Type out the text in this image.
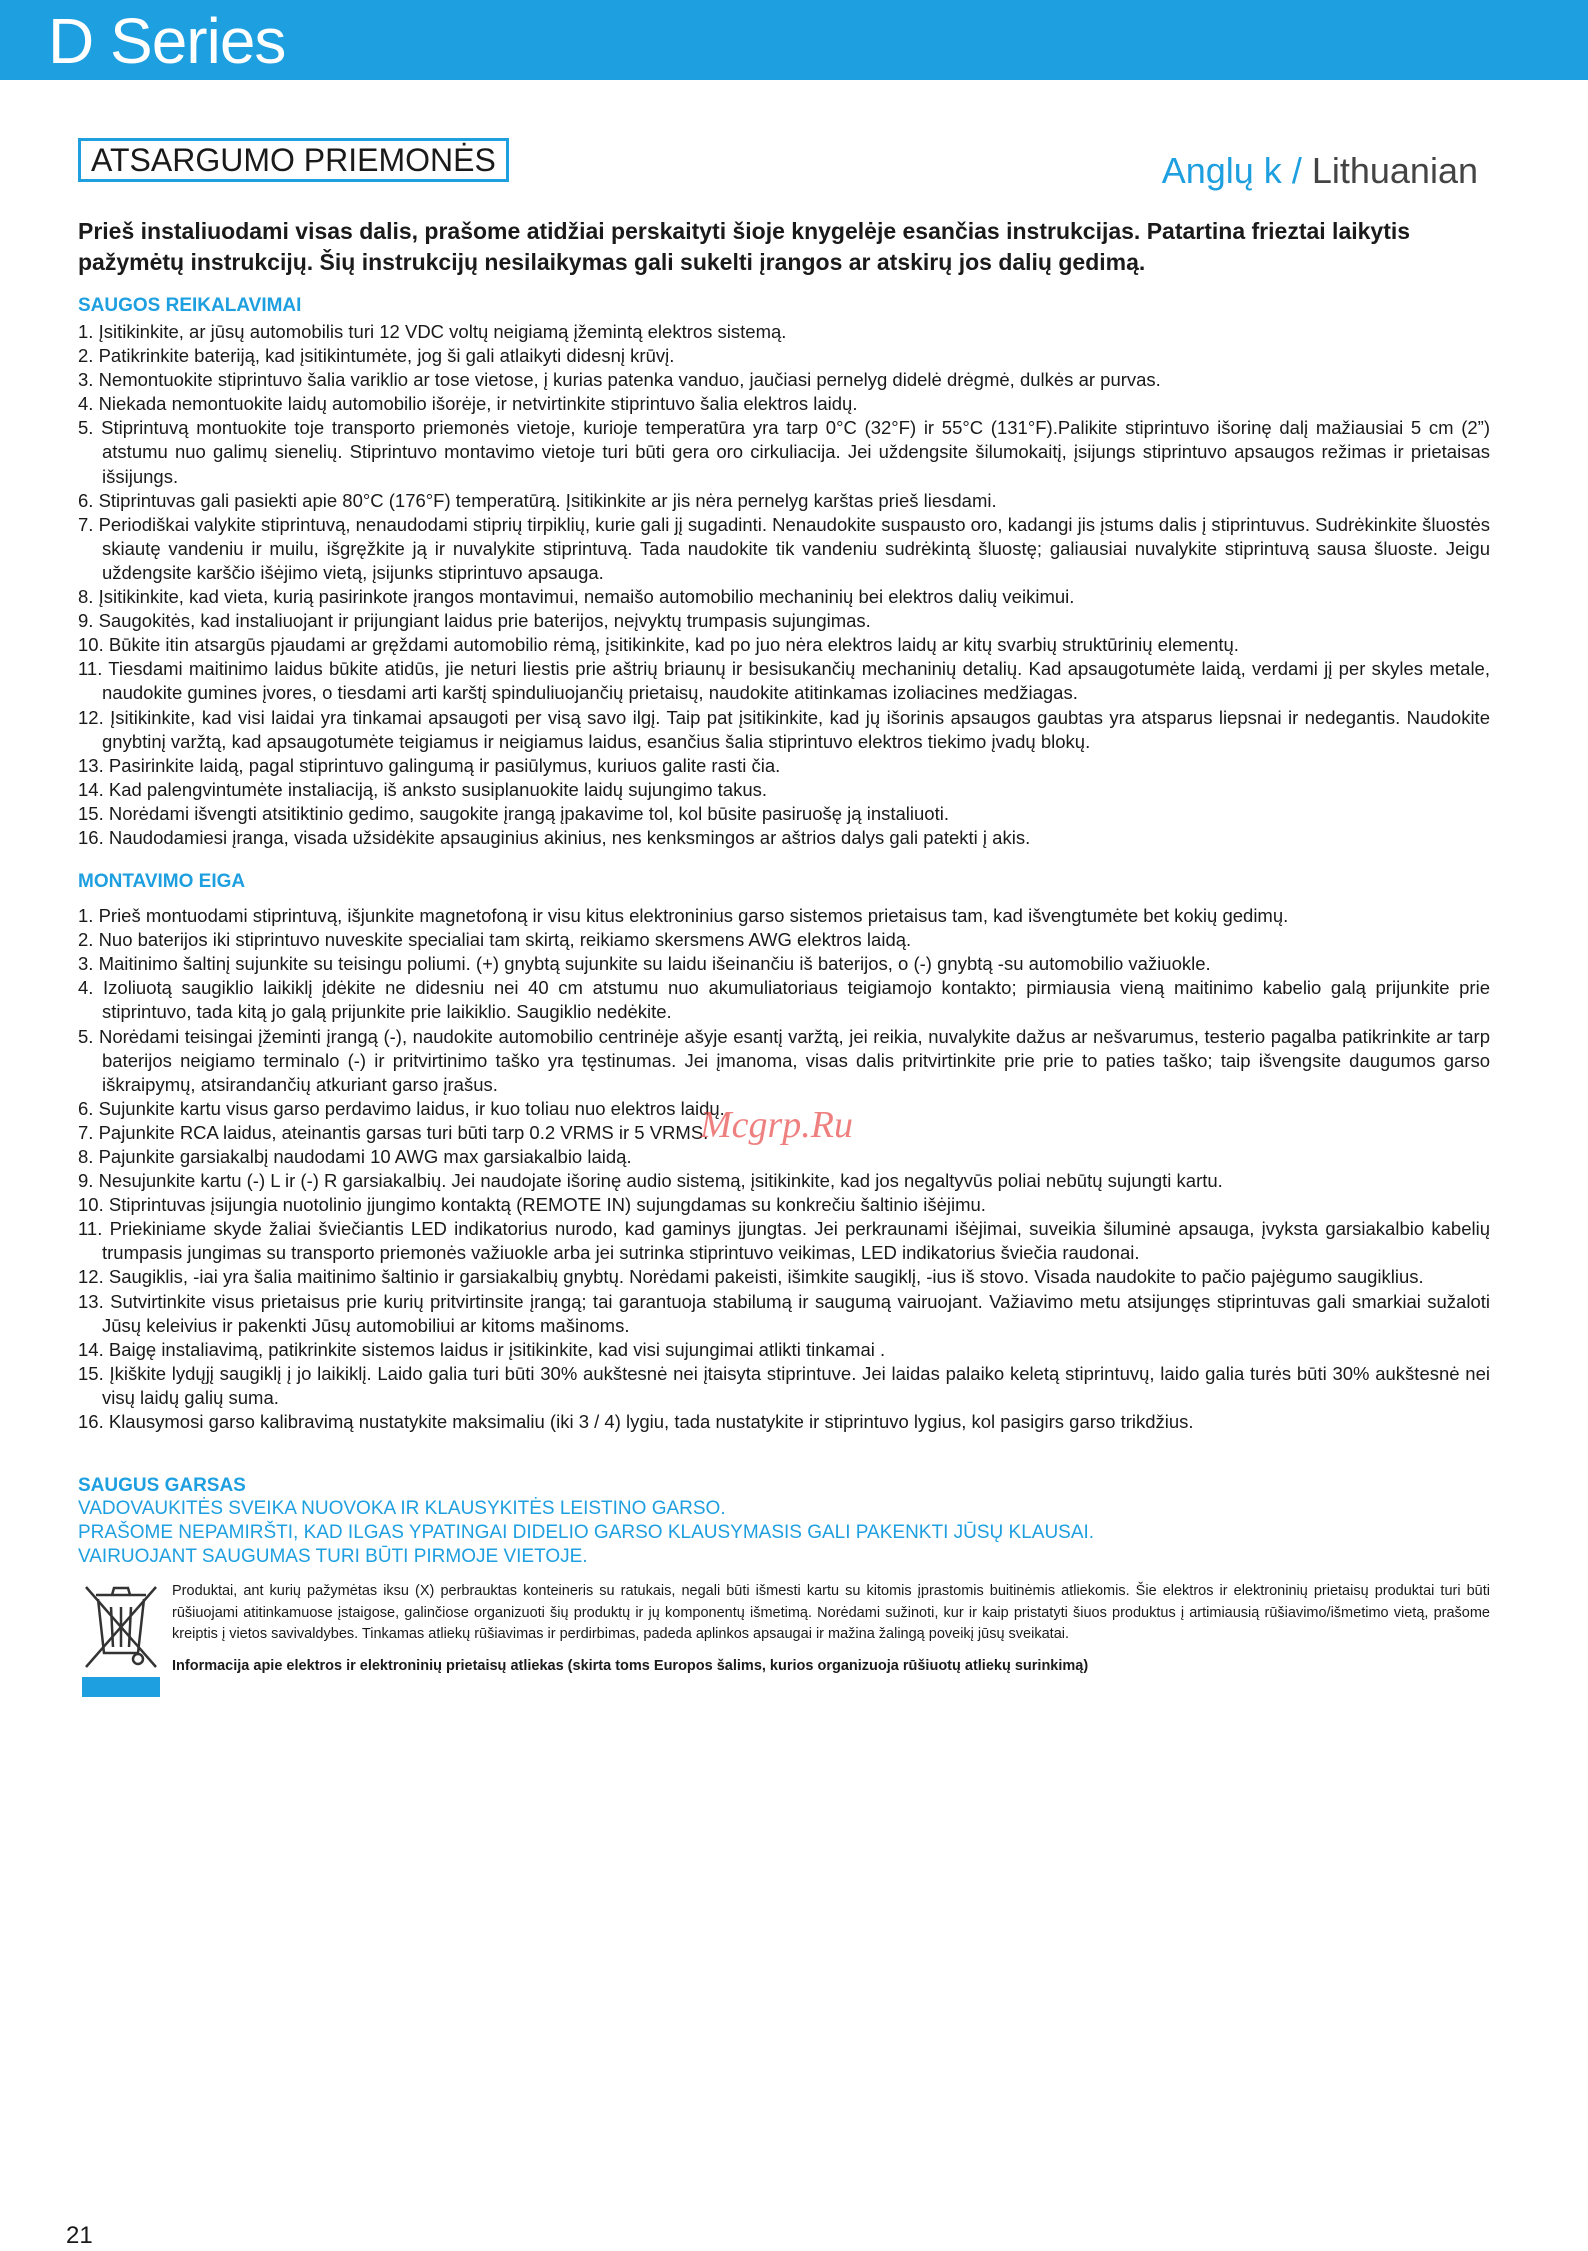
D Series
ATSARGUMO PRIEMONĖS	Anglų k / Lithuanian

Prieš instaliuodami visas dalis, prašome atidžiai perskaityti šioje knygelėje esančias instrukcijas. Patartina frieztai laikytis pažymėtų instrukcijų. Šių instrukcijų nesilaikymas gali sukelti įrangos ar atskirų jos dalių gedimą.

SAUGOS REIKALAVIMAI
1. Įsitikinkite, ar jūsų automobilis turi 12 VDC voltų neigiamą įžemintą elektros sistemą.
2. Patikrinkite bateriją, kad įsitikintumėte, jog ši gali atlaikyti didesnį krūvį.
3. Nemontuokite stiprintuvo šalia variklio ar tose vietose, į kurias patenka vanduo, jaučiasi pernelyg didelė drėgmė, dulkės ar purvas.
4. Niekada nemontuokite laidų automobilio išorėje, ir netvirtinkite stiprintuvo šalia elektros laidų.
5. Stiprintuvą montuokite toje transporto priemonės vietoje, kurioje temperatūra yra tarp 0°C (32°F) ir 55°C (131°F).Palikite stiprintuvo išorinę dalį mažiausiai 5 cm (2”) atstumu nuo galimų sienelių. Stiprintuvo montavimo vietoje turi būti gera oro cirkuliacija. Jei uždengsite šilumokaitį, įsijungs stiprintuvo apsaugos režimas ir prietaisas išsijungs.
6. Stiprintuvas gali pasiekti apie 80°C (176°F) temperatūrą. Įsitikinkite ar jis nėra pernelyg karštas prieš liesdami.
7. Periodiškai valykite stiprintuvą, nenaudodami stiprių tirpiklių, kurie gali jį sugadinti. Nenaudokite suspausto oro, kadangi jis įstums dalis į stiprintuvus. Sudrėkinkite šluostės skiautę vandeniu ir muilu, išgręžkite ją ir nuvalykite stiprintuvą. Tada naudokite tik vandeniu sudrėkintą šluostę; galiausiai nuvalykite stiprintuvą sausa šluoste. Jeigu uždengsite karščio išėjimo vietą, įsijunks stiprintuvo apsauga.
8. Įsitikinkite, kad vieta, kurią pasirinkote įrangos montavimui, nemaišo automobilio mechaninių bei elektros dalių veikimui.
9. Saugokitės, kad instaliuojant ir prijungiant laidus prie baterijos, neįvyktų trumpasis sujungimas.
10. Būkite itin atsargūs pjaudami ar gręždami automobilio rėmą, įsitikinkite, kad po juo nėra elektros laidų ar kitų svarbių struktūrinių elementų.
11. Tiesdami maitinimo laidus būkite atidūs, jie neturi liestis prie aštrių briaunų ir besisukančių mechaninių detalių. Kad apsaugotumėte laidą, verdami jį per skyles metale, naudokite gumines įvores, o tiesdami arti karštį spinduliuojančių prietaisų, naudokite atitinkamas izoliacines medžiagas.
12. Įsitikinkite, kad visi laidai yra tinkamai apsaugoti per visą savo ilgį. Taip pat įsitikinkite, kad jų išorinis apsaugos gaubtas yra atsparus liepsnai ir nedegantis. Naudokite gnybtinį varžtą, kad apsaugotumėte teigiamus ir neigiamus laidus, esančius šalia stiprintuvo elektros tiekimo įvadų blokų.
13. Pasirinkite laidą, pagal stiprintuvo galingumą ir pasiūlymus, kuriuos galite rasti čia.
14. Kad palengvintumėte instaliaciją, iš anksto susiplanuokite laidų sujungimo takus.
15. Norėdami išvengti atsitiktinio gedimo, saugokite įrangą įpakavime tol, kol būsite pasiruošę ją instaliuoti.
16. Naudodamiesi įranga, visada užsidėkite apsauginius akinius, nes kenksmingos ar aštrios dalys gali patekti į akis.
MONTAVIMO EIGA
1. Prieš montuodami stiprintuvą, išjunkite magnetofoną ir visu kitus elektroninius garso sistemos prietaisus tam, kad išvengtumėte bet kokių gedimų.
2. Nuo baterijos iki stiprintuvo nuveskite specialiai tam skirtą, reikiamo skersmens AWG elektros laidą.
3. Maitinimo šaltinį sujunkite su teisingu poliumi. (+) gnybtą sujunkite su laidu išeinančiu iš baterijos, o (-) gnybtą -su automobilio važiuokle.
4. Izoliuotą saugiklio laikiklį įdėkite ne didesniu nei 40 cm atstumu nuo akumuliatoriaus teigiamojo kontakto; pirmiausia vieną maitinimo kabelio galą prijunkite prie stiprintuvo, tada kitą jo galą prijunkite prie laikiklio. Saugiklio nedėkite.
5. Norėdami teisingai įžeminti įrangą (-), naudokite automobilio centrinėje ašyje esantį varžtą, jei reikia, nuvalykite dažus ar nešvarumus, testerio pagalba patikrinkite ar tarp baterijos neigiamo terminalo (-) ir pritvirtinimo taško yra tęstinumas. Jei įmanoma, visas dalis pritvirtinkite prie prie to paties taško; taip išvengsite daugumos garso iškraipymų, atsirandančių atkuriant garso įrašus.
6. Sujunkite kartu visus garso perdavimo laidus, ir kuo toliau nuo elektros laidų.
7. Pajunkite RCA laidus, ateinantis garsas turi būti tarp 0.2 VRMS ir 5 VRMS.
8. Pajunkite garsiakalbį naudodami 10 AWG max garsiakalbio laidą.
9. Nesujunkite kartu (-) L ir (-) R garsiakalbių. Jei naudojate išorinę audio sistemą, įsitikinkite, kad jos negaltyvūs poliai nebūtų sujungti kartu.
10. Stiprintuvas įsijungia nuotolinio įjungimo kontaktą (REMOTE IN) sujungdamas su konkrečiu šaltinio išėjimu.
11. Priekiniame skyde žaliai šviečiantis LED indikatorius nurodo, kad gaminys įjungtas. Jei perkraunami išėjimai, suveikia šiluminė apsauga, įvyksta garsiakalbio kabelių trumpasis jungimas su transporto priemonės važiuokle arba jei sutrinka stiprintuvo veikimas, LED indikatorius šviečia raudonai.
12. Saugiklis, -iai yra šalia maitinimo šaltinio ir garsiakalbių gnybtų. Norėdami pakeisti, išimkite saugiklį, -ius iš stovo. Visada naudokite to pačio pajėgumo saugiklius.
13. Sutvirtinkite visus prietaisus prie kurių pritvirtinsite įrangą; tai garantuoja stabilumą ir saugumą vairuojant. Važiavimo metu atsijungęs stiprintuvas gali smarkiai sužaloti Jūsų keleivius ir pakenkti Jūsų automobiliui ar kitoms mašinoms.
14. Baigę instaliavimą, patikrinkite sistemos laidus ir įsitikinkite, kad visi sujungimai atlikti tinkamai .
15. Įkiškite lydųjį saugiklį į jo laikiklį. Laido galia turi būti 30% aukštesnė nei įtaisyta stiprintuve. Jei laidas palaiko keletą stiprintuvų, laido galia turės būti 30% aukštesnė nei visų laidų galių suma.
16. Klausymosi garso kalibravimą nustatykite maksimaliu (iki 3 / 4) lygiu, tada nustatykite ir stiprintuvo lygius, kol pasigirs garso trikdžius.
SAUGUS GARSAS
VADOVAUKITĖS SVEIKA NUOVOKA IR KLAUSYKITĖS LEISTINO GARSO.
PRAŠOME NEPAMIRŠTI, KAD ILGAS YPATINGAI DIDELIO GARSO KLAUSYMASIS GALI PAKENKTI JŪSŲ KLAUSAI.
VAIRUOJANT SAUGUMAS TURI BŪTI PIRMOJE VIETOJE.
Produktai, ant kurių pažymėtas iksu (X) perbrauktas konteineris su ratukais, negali būti išmesti kartu su kitomis įprastomis buitinėmis atliekomis. Šie elektros ir elektroninių prietaisų produktai turi būti rūšiuojami atitinkamuose įstaigose, galinčiose organizuoti šių produktų ir jų komponentų išmetimą. Norėdami sužinoti, kur ir kaip pristatyti šiuos produktus į artimiausią rūšiavimo/išmetimo vietą, prašome kreiptis į vietos savivaldybes. Tinkamas atliekų rūšiavimas ir perdirbimas, padeda aplinkos apsaugai ir mažina žalingą poveikį jūsų sveikatai.
Informacija apie elektros ir elektroninių prietaisų atliekas (skirta toms Europos šalims, kurios organizuoja rūšiuotų atliekų surinkimą)
Mcgrp.Ru
21
